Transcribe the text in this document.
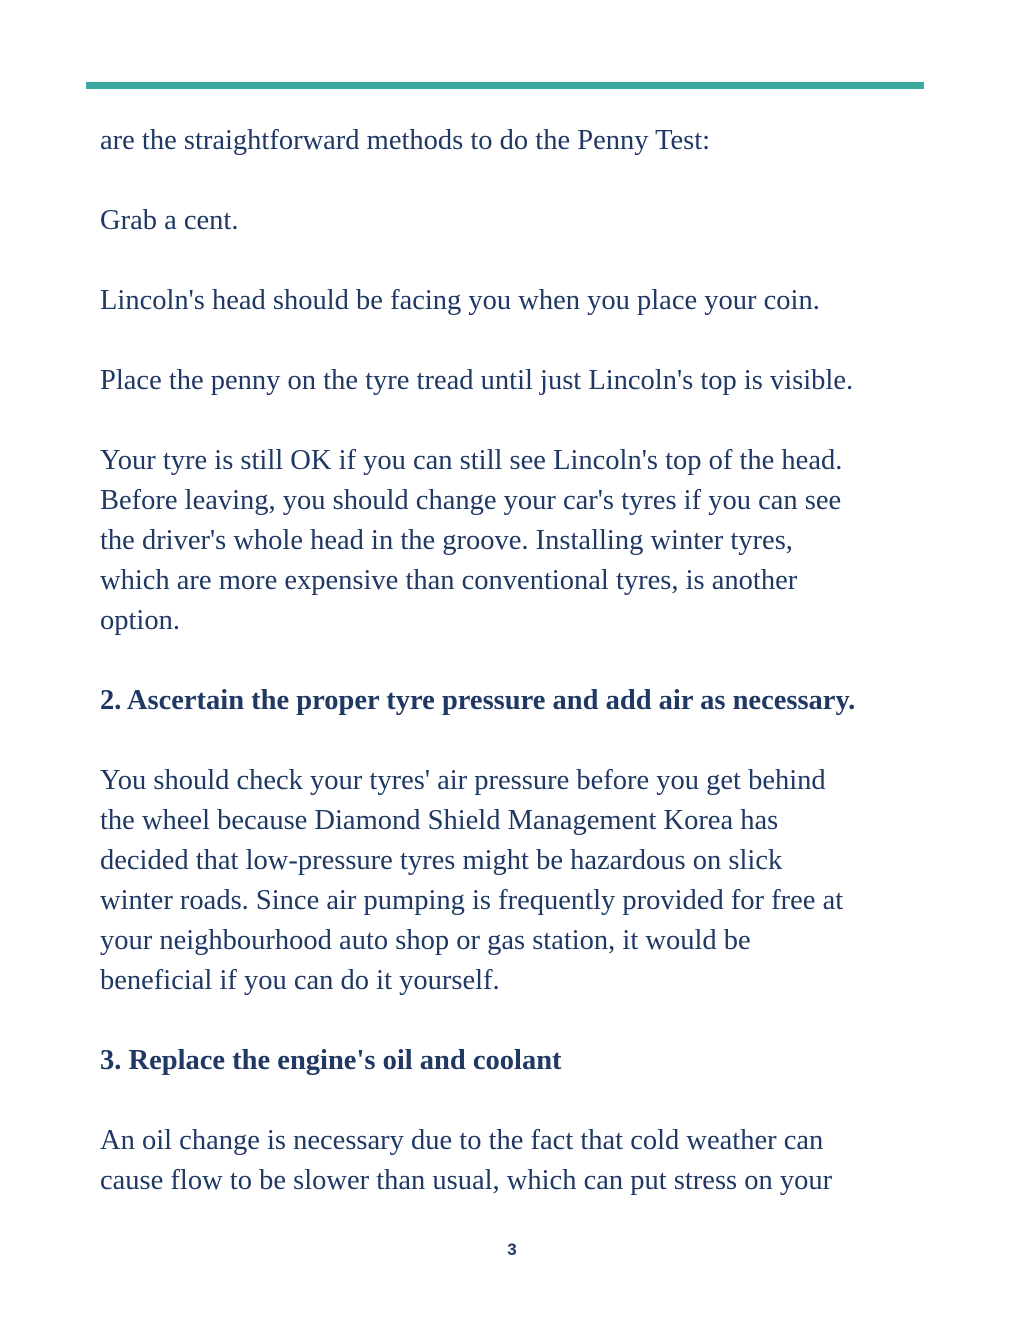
are the straightforward methods to do the Penny Test:

Grab a cent.

Lincoln's head should be facing you when you place your coin.

Place the penny on the tyre tread until just Lincoln's top is visible.

Your tyre is still OK if you can still see Lincoln's top of the head.
Before leaving, you should change your car's tyres if you can see
the driver's whole head in the groove. Installing winter tyres,
which are more expensive than conventional tyres, is another
option.

2. Ascertain the proper tyre pressure and add air as necessary.

You should check your tyres' air pressure before you get behind
the wheel because Diamond Shield Management Korea has
decided that low-pressure tyres might be hazardous on slick
winter roads. Since air pumping is frequently provided for free at
your neighbourhood auto shop or gas station, it would be
beneficial if you can do it yourself.

3. Replace the engine's oil and coolant

An oil change is necessary due to the fact that cold weather can
cause flow to be slower than usual, which can put stress on your

3
